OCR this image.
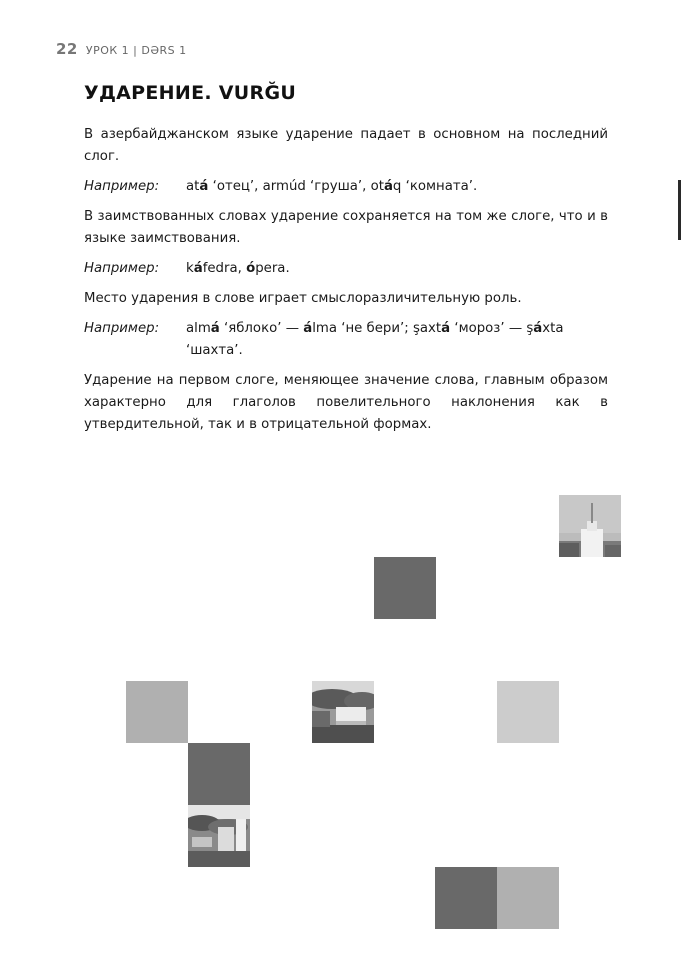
22 УРОК 1 | DƏRS 1
УДАРЕНИЕ. VURĞU

В азербайджанском языке ударение падает в основном на последний слог.

Например:	atá ‘отец’, armúd ‘груша’, otáq ‘комната’.

В заимствованных словах ударение сохраняется на том же слоге, что и в языке заимствования.

Например:	káfedra, ópera.

Место ударения в слове играет смыслоразличительную роль.

Например:	almá ‘яблоко’ — álma ‘не бери’; şaxtá ‘мороз’ — şáxta ‘шахта’.

Ударение на первом слоге, меняющее значение слова, главным образом характерно для глаголов повелительного наклонения как в утвердительной, так и в отрицательной формах.
